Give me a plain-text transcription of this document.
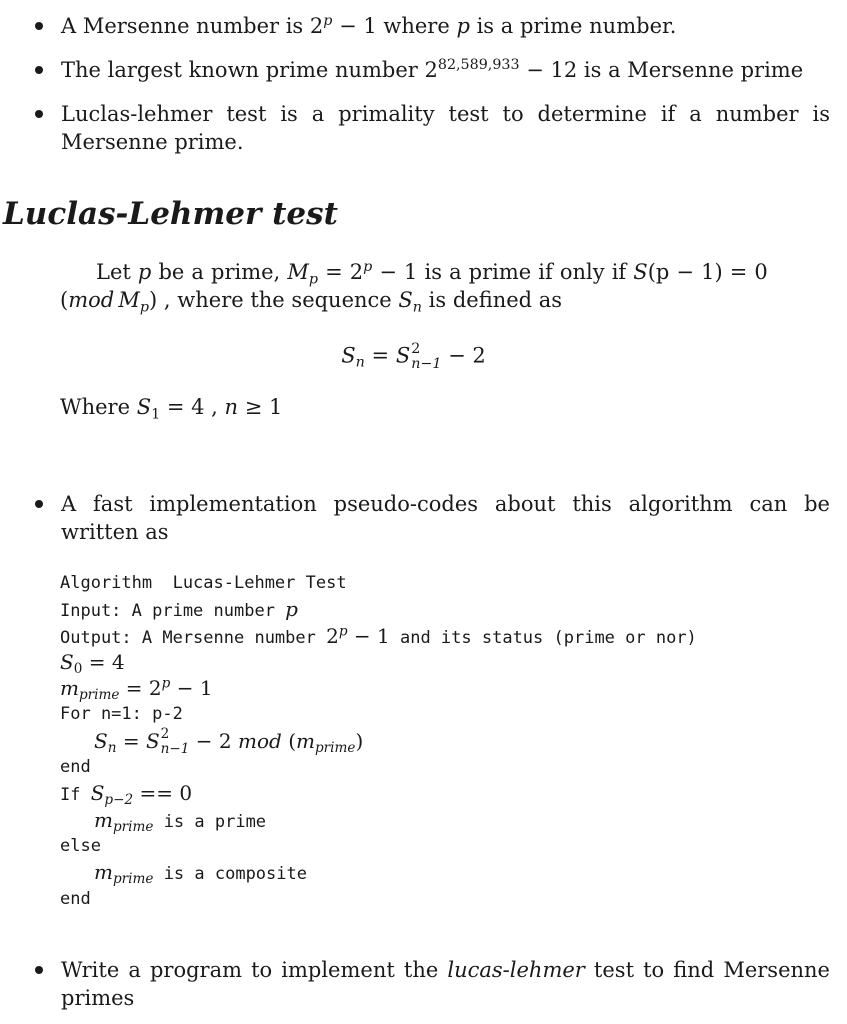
A Mersenne number is $2^p - 1$ where p is a prime number.
The largest known prime number $2^{82,589,933} - 12$ is a Mersenne prime
Luclas-lehmer test is a primality test to determine if a number is Mersenne prime.
Luclas-Lehmer test
Let p be a prime, $M_p = 2^p - 1$ is a prime if only if S(p − 1) = 0 (mod $M_p$) , where the sequence $S_n$ is defined as
$S_n = S$ 2
n−1 − 2
Where $S_1 = 4$ , n ≥ 1
A fast implementation pseudo-codes about this algorithm can be written as
Algorithm  Lucas-Lehmer Test
Input: A prime number p
Output: A Mersenne number $2^p - 1$ and its status (prime or nor)
$S_0 = 4$
$m_{prime} = 2^p - 1$
For n=1: p-2
$S_n = S$ 2
n−1 − 2 mod $(m_{prime})$
end
If $S_{p-2} == 0$
$m_{prime}$ is a prime
else
$m_{prime}$ is a composite
end
Write a program to implement the lucas-lehmer test to find Mersenne primes
